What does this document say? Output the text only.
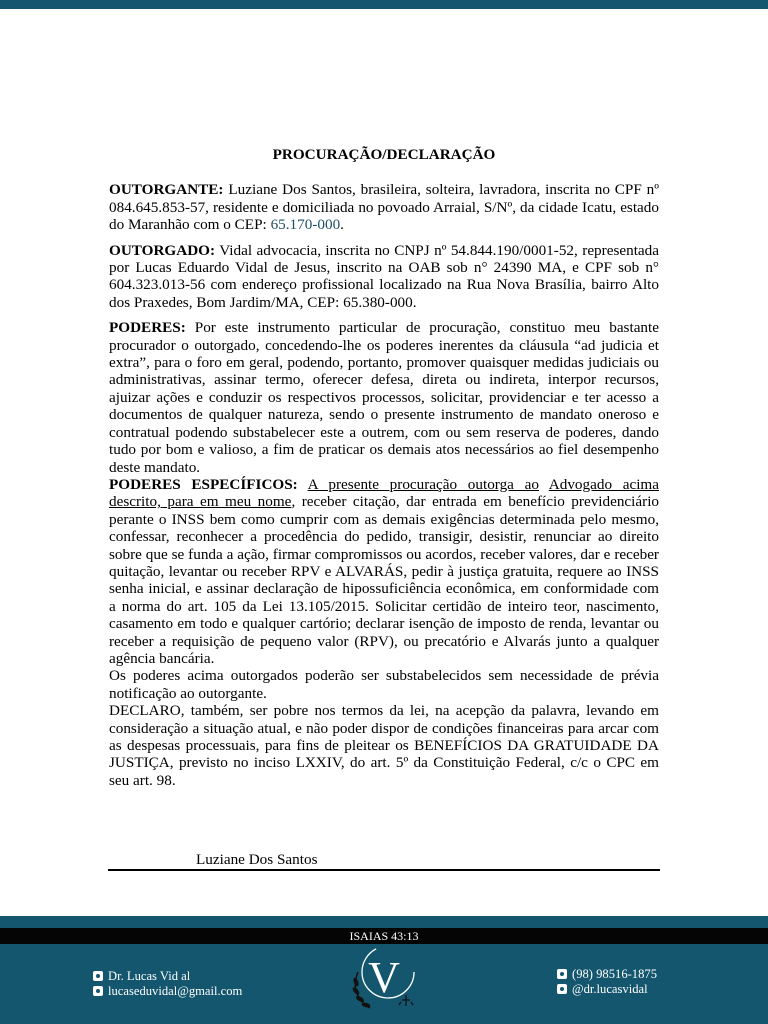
PROCURAÇÃO/DECLARAÇÃO

OUTORGANTE: Luziane Dos Santos, brasileira, solteira, lavradora, inscrita no CPF nº 084.645.853-57, residente e domiciliada no povoado Arraial, S/Nº, da cidade Icatu, estado do Maranhão com o CEP: 65.170-000.

OUTORGADO: Vidal advocacia, inscrita no CNPJ nº 54.844.190/0001-52, representada por Lucas Eduardo Vidal de Jesus, inscrito na OAB sob n° 24390 MA, e CPF sob n° 604.323.013-56 com endereço profissional localizado na Rua Nova Brasília, bairro Alto dos Praxedes, Bom Jardim/MA, CEP: 65.380-000.

PODERES: Por este instrumento particular de procuração, constituo meu bastante procurador o outorgado, concedendo-lhe os poderes inerentes da cláusula “ad judicia et extra”, para o foro em geral, podendo, portanto, promover quaisquer medidas judiciais ou administrativas, assinar termo, oferecer defesa, direta ou indireta, interpor recursos, ajuizar ações e conduzir os respectivos processos, solicitar, providenciar e ter acesso a documentos de qualquer natureza, sendo o presente instrumento de mandato oneroso e contratual podendo substabelecer este a outrem, com ou sem reserva de poderes, dando tudo por bom e valioso, a fim de praticar os demais atos necessários ao fiel desempenho deste mandato.

PODERES ESPECÍFICOS: A presente procuração outorga ao Advogado acima descrito, para em meu nome, receber citação, dar entrada em benefício previdenciário perante o INSS bem como cumprir com as demais exigências determinada pelo mesmo, confessar, reconhecer a procedência do pedido, transigir, desistir, renunciar ao direito sobre que se funda a ação, firmar compromissos ou acordos, receber valores, dar e receber quitação, levantar ou receber RPV e ALVARÁS, pedir à justiça gratuita, requere ao INSS senha inicial, e assinar declaração de hipossuficiência econômica, em conformidade com a norma do art. 105 da Lei 13.105/2015. Solicitar certidão de inteiro teor, nascimento, casamento em todo e qualquer cartório; declarar isenção de imposto de renda, levantar ou receber a requisição de pequeno valor (RPV), ou precatório e Alvarás junto a qualquer agência bancária.

Os poderes acima outorgados poderão ser substabelecidos sem necessidade de prévia notificação ao outorgante.

DECLARO, também, ser pobre nos termos da lei, na acepção da palavra, levando em consideração a situação atual, e não poder dispor de condições financeiras para arcar com as despesas processuais, para fins de pleitear os BENEFÍCIOS DA GRATUIDADE DA JUSTIÇA, previsto no inciso LXXIV, do art. 5º da Constituição Federal, c/c o CPC em seu art. 98.

Luziane Dos Santos
ISAIAS 43:13
Dr. Lucas Vid al
lucaseduvidal@gmail.com	V	(98) 98516-1875
@dr.lucasvidal
